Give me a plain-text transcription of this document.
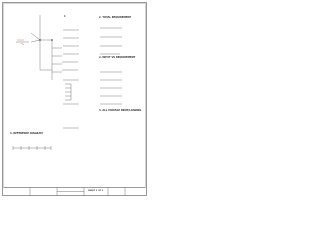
1	2. TOTAL REQUIREMENT
2. INPUT VS REQUIREMENT
3. ALL VOLTAGE DROP/LOADING
4. REFERENCE DIAGRAM
SHEET 1 OF 1
